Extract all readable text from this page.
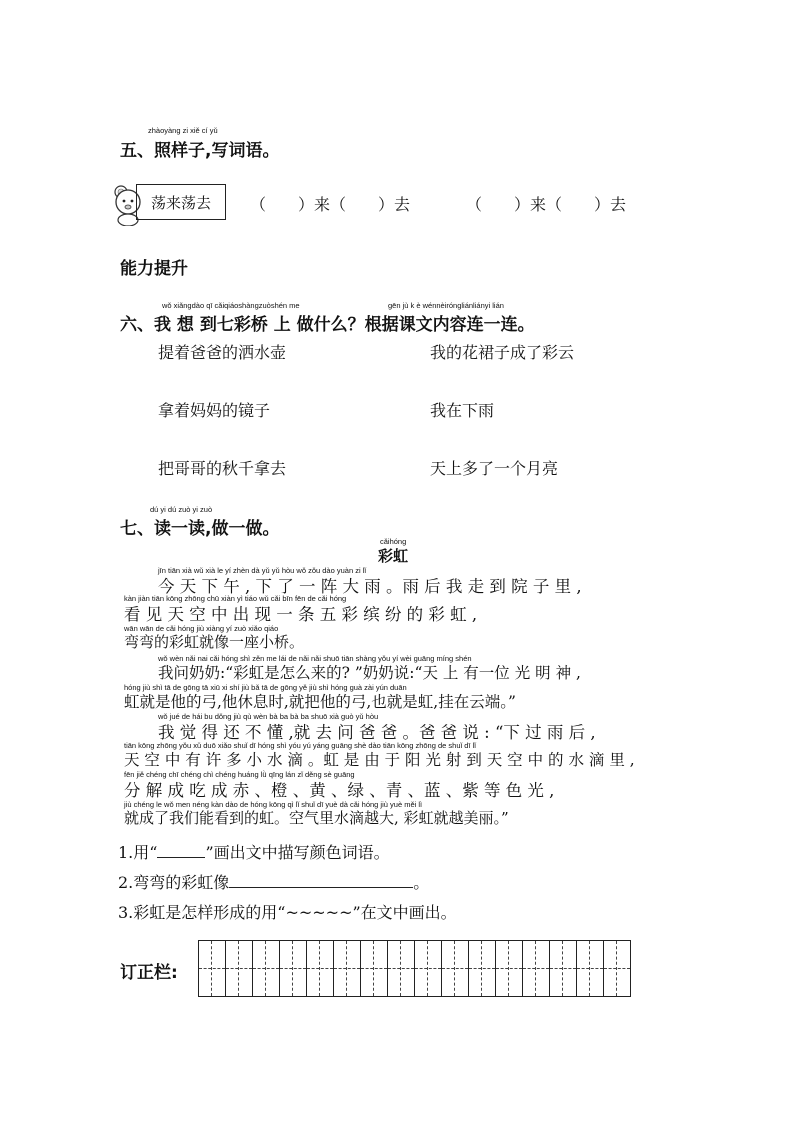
zhàoyàng zi xiě cí yǔ
五、照样子,写词语。
荡来荡去 （　　）来（　　）去	（　　）来（　　）去
能力提升
wǒ xiǎngdào qī cǎiqiáoshàngzuòshén me	gēn jù k è wénnèiróngliánliányi lián
六、我 想 到七彩桥 上 做什么？根据课文内容连一连。
提着爸爸的洒水壶
拿着妈妈的镜子
把哥哥的秋千拿去
我的花裙子成了彩云
我在下雨
天上多了一个月亮
dú yi dú zuò yi zuò
七、读一读,做一做。
cǎihóng
彩虹
jīn tiān xià wǔ xià le yí zhèn dà yǔ yǔ hòu wǒ zǒu dào yuàn zi lǐ
今 天 下 午 , 下 了 一 阵 大 雨 。雨 后 我 走 到 院 子 里 ,
kàn jiàn tiān kōng zhōng chū xiàn yì tiáo wǔ cǎi bīn fēn de cǎi hóng
看 见 天 空 中 出 现 一 条 五 彩 缤 纷 的 彩 虹 ,
wān wān de cǎi hóng jiù xiàng yí zuò xiǎo qiáo
弯弯的彩虹就像一座小桥。
wǒ wèn nǎi nai cǎi hóng shì zěn me lái de nǎi nǎi shuō tiān shàng yǒu yí wèi guāng míng shén
我问奶奶:“彩虹是怎么来的? ”奶奶说:“天 上 有一位 光 明 神 ,
hóng jiù shì tā de gōng tā xiū xi shí jiù bǎ tā de gōng yě jiù shì hóng guà zài yún duān
虹就是他的弓,他休息时,就把他的弓,也就是虹,挂在云端。”
wǒ jué de hái bu dǒng jiù qù wèn bà ba bà ba shuō xià guò yǔ hòu
我 觉 得 还 不 懂 ,就 去 问 爸 爸 。爸 爸 说 : “下 过 雨 后 ,
tiān kōng zhōng yǒu xǔ duō xiǎo shuǐ dī hóng shì yóu yú yáng guāng shè dào tiān kōng zhōng de shuǐ dī lǐ
天 空 中 有 许 多 小 水 滴 。虹 是 由 于 阳 光 射 到 天 空 中 的 水 滴 里 ,
fēn jiě chéng chī chéng chì chéng huáng lǜ qīng lán zǐ děng sè guāng
分 解 成 吃 成 赤 、橙 、黄 、绿 、青 、蓝 、紫 等 色 光 ,
jiù chéng le wǒ men néng kàn dào de hóng kōng qì lǐ shuǐ dī yuè dà cǎi hóng jiù yuè měi lì
就成了我们能看到的虹。空气里水滴越大, 彩虹就越美丽。”
1.用“	”画出文中描写颜色词语。
2.弯弯的彩虹像	。
3.彩虹是怎样形成的用“~~~~~”在文中画出。
订正栏:
